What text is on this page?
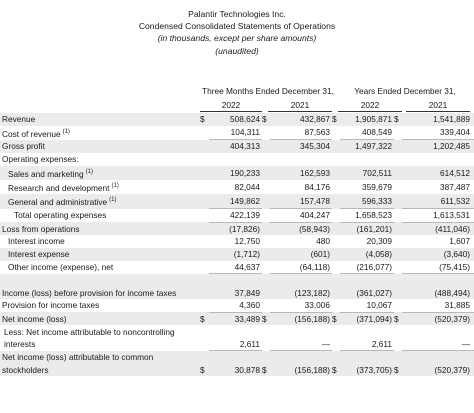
Palantir Technologies Inc.
Condensed Consolidated Statements of Operations
(in thousands, except per share amounts)
(unaudited)
Three Months Ended December 31,	Years Ended December 31,
2022	2021	2022	2021
Revenue	$	508,624	$	432,867	$	1,905,871	$	1,541,889
Cost of revenue $^{(1)}$		104,311		87,563		408,549		339,404
Gross profit		404,313		345,304		1,497,322		1,202,485
Operating expenses:								
Sales and marketing $^{(1)}$		190,233		162,593		702,511		614,512
Research and development $^{(1)}$		82,044		84,176		359,679		387,487
General and administrative $^{(1)}$		149,862		157,478		596,333		611,532
Total operating expenses		422,139		404,247		1,658,523		1,613,531
Loss from operations		(17,826)		(58,943)		(161,201)		(411,046)
Interest income		12,750		480		20,309		1,607
Interest expense		(1,712)		(601)		(4,058)		(3,640)
Other income (expense), net		44,637		(64,118)		(216,077)		(75,415)
Income (loss) before provision for income taxes		37,849		(123,182)		(361,027)		(488,494)
Provision for income taxes		4,360		33,006		10,067		31,885
Net income (loss)	$	33,489	$	(156,188)	$	(371,094)	$	(520,379)
Less: Net income attributable to noncontrolling interests		2,611		—		2,611		—
Net income (loss) attributable to common stockholders	$	30,878	$	(156,188)	$	(373,705)	$	(520,379)
